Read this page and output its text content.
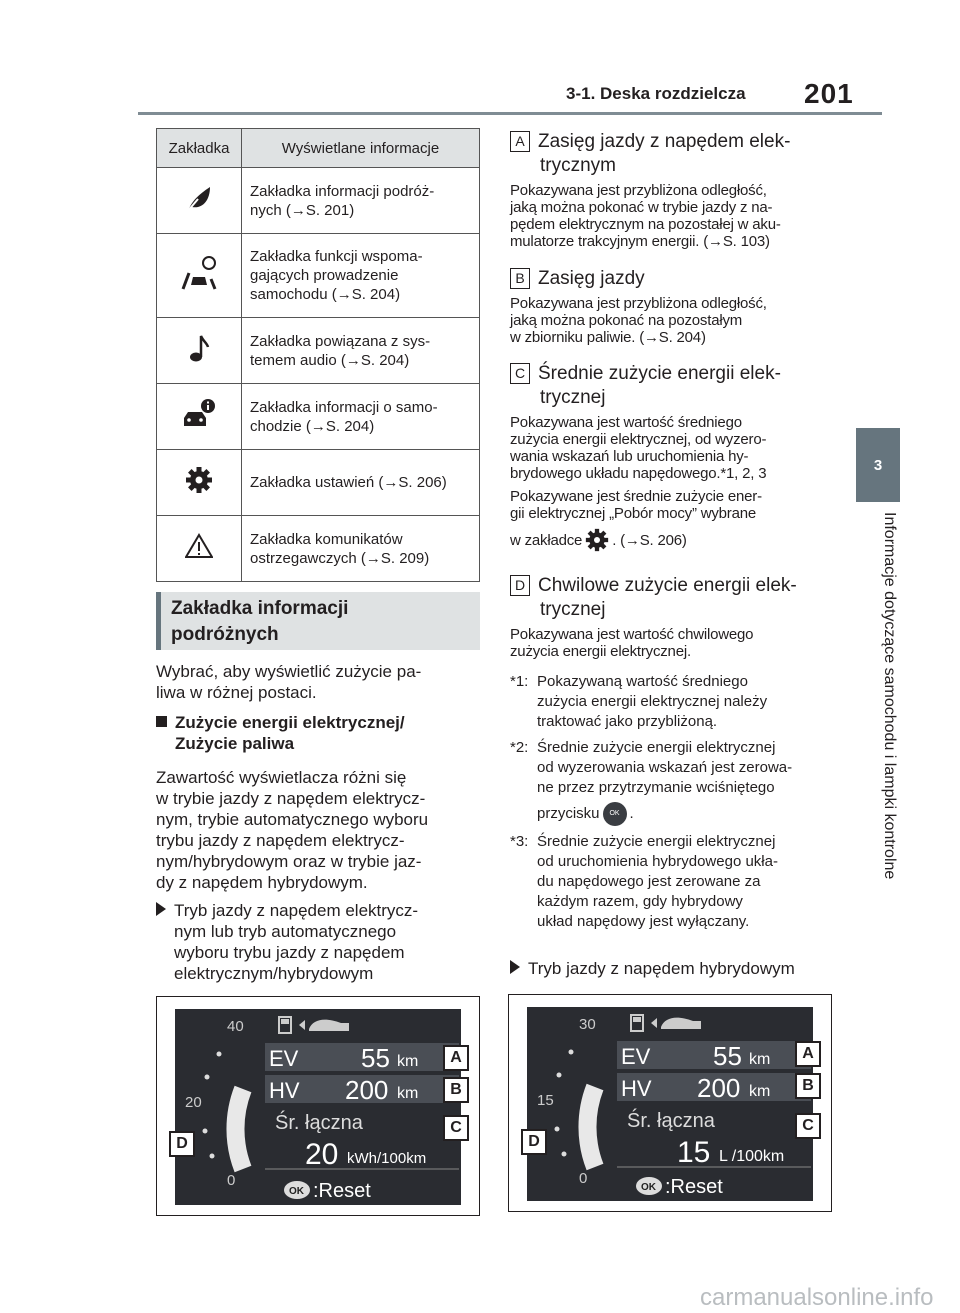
3-1. Deska rozdzielcza 201
3
Informacje dotyczące samochodu i lampki kontrolne
Zakładka	Wyświetlane informacje
	Zakładka informacji podróż-
nych (→S. 201)
	Zakładka funkcji wspoma-
gających prowadzenie
samochodu (→S. 204)
	Zakładka powiązana z sys-
temem audio (→S. 204)
	Zakładka informacji o samo-
chodzie (→S. 204)
	Zakładka ustawień (→S. 206)
	Zakładka komunikatów
ostrzegawczych (→S. 209)
Zakładka informacji
podróżnych
Wybrać, aby wyświetlić zużycie pa-
liwa w różnej postaci.
Zużycie energii elektrycznej/
Zużycie paliwa
Zawartość wyświetlacza różni się
w trybie jazdy z napędem elektrycz-
nym, trybie automatycznego wyboru
trybu jazdy z napędem elektrycz-
nym/hybrydowym oraz w trybie jaz-
dy z napędem hybrydowym.
Tryb jazdy z napędem elektrycz-
nym lub tryb automatycznego
wyboru trybu jazdy z napędem
elektrycznym/hybrydowym
A Zasięg jazdy z napędem elek-
trycznym
Pokazywana jest przybliżona odległość,
jaką można pokonać w trybie jazdy z na-
pędem elektrycznym na pozostałej w aku-
mulatorze trakcyjnym energii. (→S. 103)
B Zasięg jazdy
Pokazywana jest przybliżona odległość,
jaką można pokonać na pozostałym
w zbiorniku paliwie. (→S. 204)
C Średnie zużycie energii elek-
trycznej
Pokazywana jest wartość średniego
zużycia energii elektrycznej, od wyzero-
wania wskazań lub uruchomienia hy-
brydowego układu napędowego.*1, 2, 3
Pokazywane jest średnie zużycie ener-
gii elektrycznej „Pobór mocy” wybrane
w zakładce . (→S. 206)
D Chwilowe zużycie energii elek-
trycznej
Pokazywana jest wartość chwilowego
zużycia energii elektrycznej.
*1: Pokazywaną wartość średniego
zużycia energii elektrycznej należy
traktować jako przybliżoną.
*2: Średnie zużycie energii elektrycznej
od wyzerowania wskazań jest zerowa-
ne przez przytrzymanie wciśniętego
przycisku	OK .
*3: Średnie zużycie energii elektrycznej
od uruchomienia hybrydowego ukła-
du napędowego jest zerowane za
każdym razem, gdy hybrydowy
układ napędowy jest wyłączany.
Tryb jazdy z napędem hybrydowym
40
20
0
EV 55 km
HV 200 km
Śr. łączna
20 kWh/100km
OK :Reset
A
B
C
D
30
15
0
EV 55 km
HV 200 km
Śr. łączna
15 L /100km
OK :Reset
A
B
C
D
carmanualsonline.info
